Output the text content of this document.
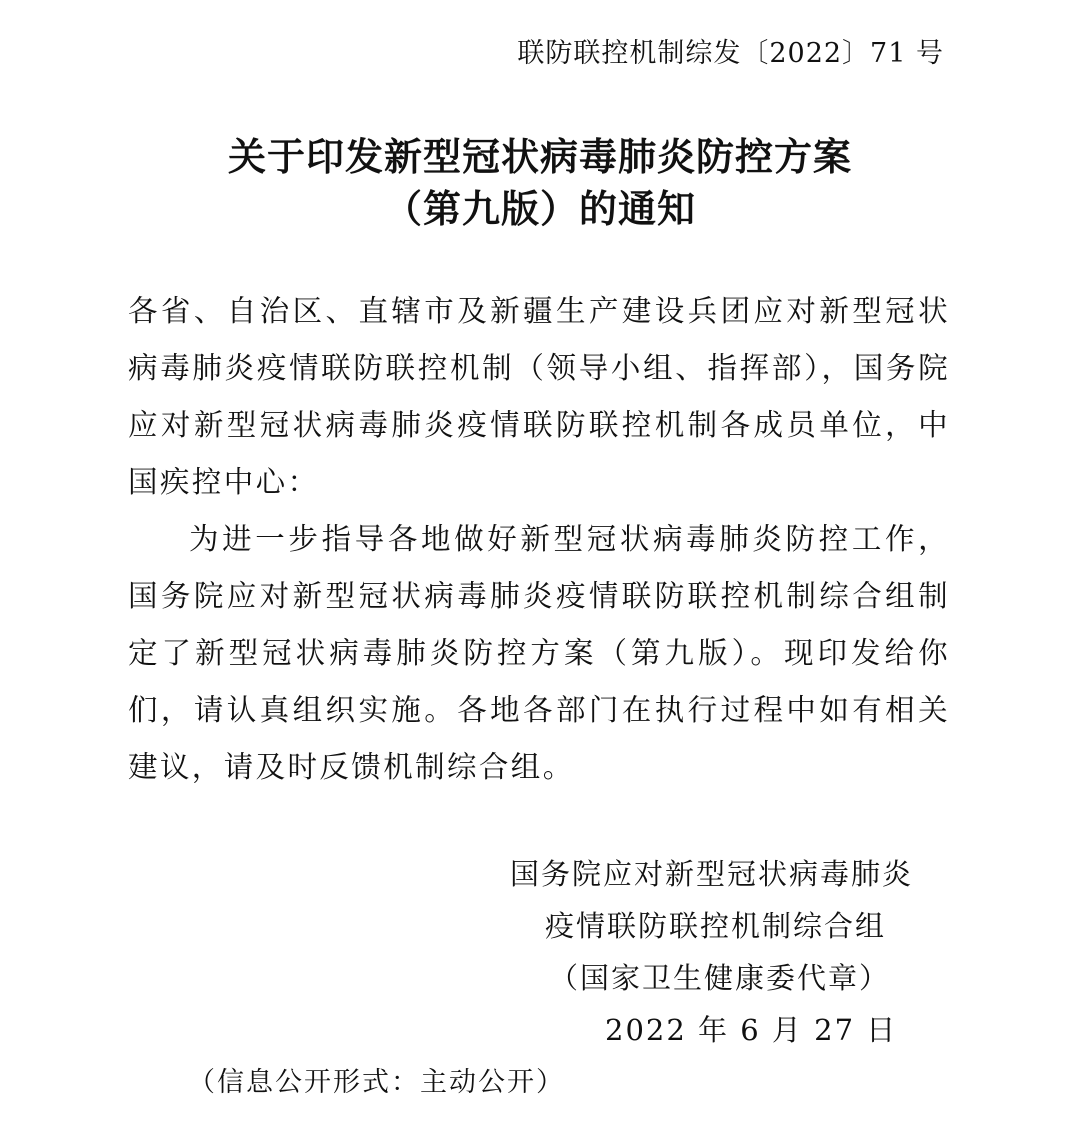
联防联控机制综发〔2022〕71 号
关于印发新型冠状病毒肺炎防控方案
（第九版）的通知
各省、自治区、直辖市及新疆生产建设兵团应对新型冠状病毒肺炎疫情联防联控机制（领导小组、指挥部），国务院应对新型冠状病毒肺炎疫情联防联控机制各成员单位，中国疾控中心：
为进一步指导各地做好新型冠状病毒肺炎防控工作，国务院应对新型冠状病毒肺炎疫情联防联控机制综合组制定了新型冠状病毒肺炎防控方案（第九版）。现印发给你们，请认真组织实施。各地各部门在执行过程中如有相关建议，请及时反馈机制综合组。
国务院应对新型冠状病毒肺炎
疫情联防联控机制综合组
（国家卫生健康委代章）
2022 年 6 月 27 日
（信息公开形式：主动公开）
